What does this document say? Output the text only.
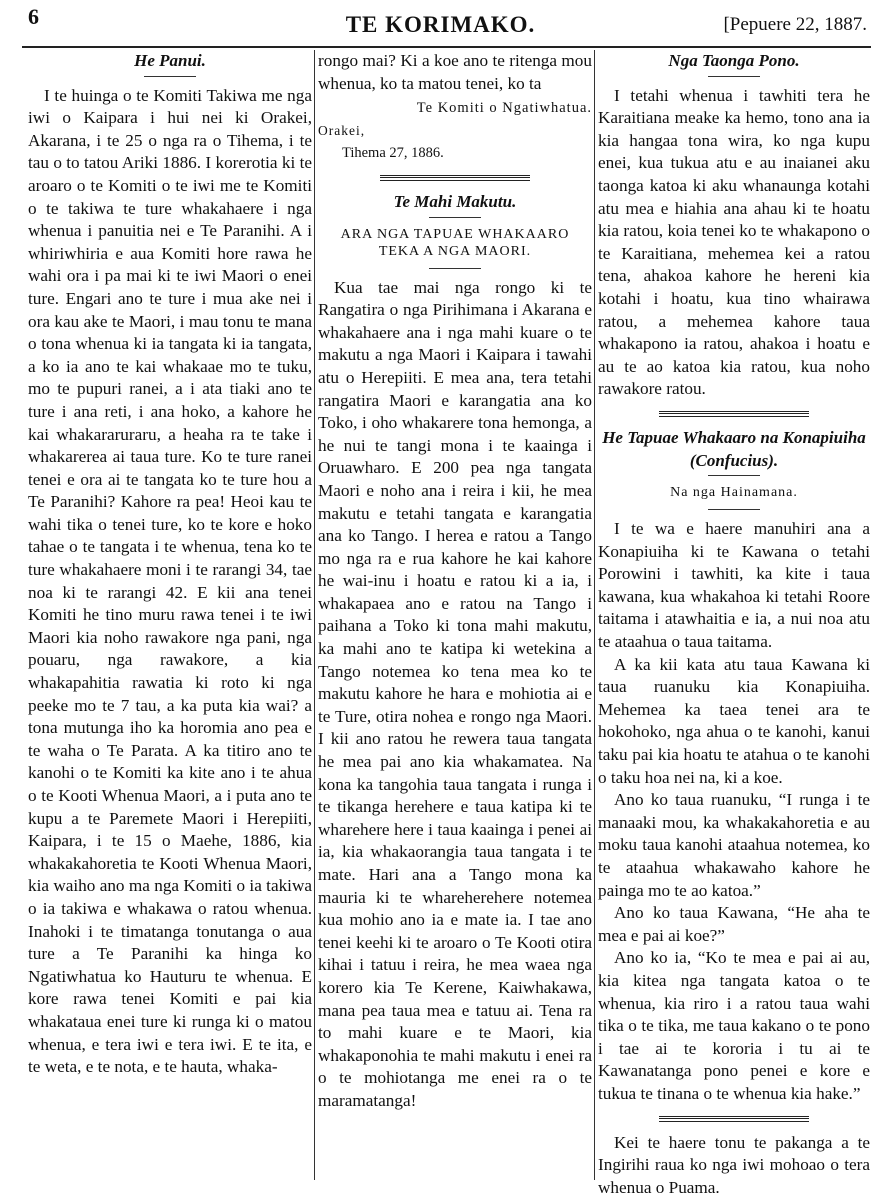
6	TE KORIMAKO.	[Pepuere 22, 1887.
He Panui.

I te huinga o te Komiti Takiwa me nga iwi o Kaipara i hui nei ki Orakei, Akarana, i te 25 o nga ra o Tihema, i te tau o to tatou Ariki 1886. I korerotia ki te aroaro o te Komiti o te iwi me te Komiti o te takiwa te ture whakahaere i nga whenua i panuitia nei e Te Paranihi. A i whiriwhiria e aua Komiti hore rawa he wahi ora i pa mai ki te iwi Maori o enei ture. Engari ano te ture i mua ake nei i ora kau ake te Maori, i mau tonu te mana o tona whenua ki ia tangata ki ia tangata, a ko ia ano te kai whakaae mo te tuku, mo te pupuri ranei, a i ata tiaki ano te ture i ana reti, i ana hoko, a kahore he kai whakararuraru, a heaha ra te take i whakarerea ai taua ture. Ko te ture ranei tenei e ora ai te tangata ko te ture hou a Te Paranihi? Kahore ra pea! Heoi kau te wahi tika o tenei ture, ko te kore e hoko tahae o te tangata i te whenua, tena ko te ture whakahaere moni i te rarangi 34, tae noa ki te rarangi 42. E kii ana tenei Komiti he tino muru rawa tenei i te iwi Maori kia noho rawakore nga pani, nga pouaru, nga rawakore, a kia whakapahitia rawatia ki roto ki nga peeke mo te 7 tau, a ka puta kia wai? a tona mutunga iho ka horomia ano pea e te waha o Te Parata. A ka titiro ano te kanohi o te Komiti ka kite ano i te ahua o te Kooti Whenua Maori, a i puta ano te kupu a te Paremete Maori i Herepiiti, Kaipara, i te 15 o Maehe, 1886, kia whakakahoretia te Kooti Whenua Maori, kia waiho ano ma nga Komiti o ia takiwa o ia takiwa e whakawa o ratou whenua. Inahoki i te timatanga tonutanga o aua ture a Te Paranihi ka hinga ko Ngatiwhatua ko Hauturu te whenua. E kore rawa tenei Komiti e pai kia whakataua enei ture ki runga ki o matou whenua, e tera iwi e tera iwi. E te ita, e te weta, e te nota, e te hauta, whaka-

rongo mai? Ki a koe ano te ritenga mou whenua, ko ta matou tenei, ko ta

Te Komiti o Ngatiwhatua.
Orakei,
Tihema 27, 1886.
Te Mahi Makutu.
ARA NGA TAPUAE WHAKAARO TEKA A NGA MAORI.

Kua tae mai nga rongo ki te Rangatira o nga Pirihimana i Akarana e whakahaere ana i nga mahi kuare o te makutu a nga Maori i Kaipara i tawahi atu o Herepiiti. E mea ana, tera tetahi rangatira Maori e karangatia ana ko Toko, i oho whakarere tona hemonga, a he nui te tangi mona i te kaainga i Oruawharo. E 200 pea nga tangata Maori e noho ana i reira i kii, he mea makutu e tetahi tangata e karangatia ana ko Tango. I herea e ratou a Tango mo nga ra e rua kahore he kai kahore he wai-inu i hoatu e ratou ki a ia, i whakapaea ano e ratou na Tango i paihana a Toko ki tona mahi makutu, ka mahi ano te katipa ki wetekina a Tango notemea ko tena mea ko te makutu kahore he hara e mohiotia ai e te Ture, otira nohea e rongo nga Maori. I kii ano ratou he rewera taua tangata he mea pai ano kia whakamatea. Na kona ka tangohia taua tangata i runga i te tikanga herehere e taua katipa ki te wharehere here i taua kaainga i penei ai ia, kia whakaorangia taua tangata i te mate. Hari ana a Tango mona ka mauria ki te whareherehere notemea kua mohio ano ia e mate ia. I tae ano tenei keehi ki te aroaro o Te Kooti otira kihai i tatuu i reira, he mea waea nga korero kia Te Kerene, Kaiwhakawa, mana pea taua mea e tatuu ai. Tena ra to mahi kuare e te Maori, kia whakaponohia te mahi makutu i enei ra o te mohiotanga me enei ra o te maramatanga!

Nga Taonga Pono.

I tetahi whenua i tawhiti tera he Karaitiana meake ka hemo, tono ana ia kia hangaa tona wira, ko nga kupu enei, kua tukua atu e au inaianei aku taonga katoa ki aku whanaunga kotahi atu mea e hiahia ana ahau ki te hoatu kia ratou, koia tenei ko te whakapono o te Karaitiana, mehemea kei a ratou tena, ahakoa kahore he hereni kia kotahi i hoatu, kua tino whairawa ratou, a mehemea kahore taua whakapono ia ratou, ahakoa i hoatu e au te ao katoa kia ratou, kua noho rawakore ratou.

He Tapuae Whakaaro na Konapiuiha (Confucius).
Na nga Hainamana.

I te wa e haere manuhiri ana a Konapiuiha ki te Kawana o tetahi Porowini i tawhiti, ka kite i taua kawana, kua whakahoa ki tetahi Roore taitama i atawhaitia e ia, a nui noa atu te ataahua o taua taitama.

A ka kii kata atu taua Kawana ki taua ruanuku kia Konapiuiha. Mehemea ka taea tenei ara te hokohoko, nga ahua o te kanohi, kanui taku pai kia hoatu te atahua o te kanohi o taku hoa nei na, ki a koe.

Ano ko taua ruanuku, “I runga i te manaaki mou, ka whakakahoretia e au moku taua kanohi ataahua notemea, ko te ataahua whakawaho kahore he painga mo te ao katoa.”

Ano ko taua Kawana, “He aha te mea e pai ai koe?”

Ano ko ia, “Ko te mea e pai ai au, kia kitea nga tangata katoa o te whenua, kia riro i a ratou taua wahi tika o te tika, me taua kakano o te pono i tae ai te kororia i tu ai te Kawanatanga pono penei e kore e tukua te tinana o te whenua kia hake.”

Kei te haere tonu te pakanga a te Ingirihi raua ko nga iwi mohoao o tera whenua o Puama.
